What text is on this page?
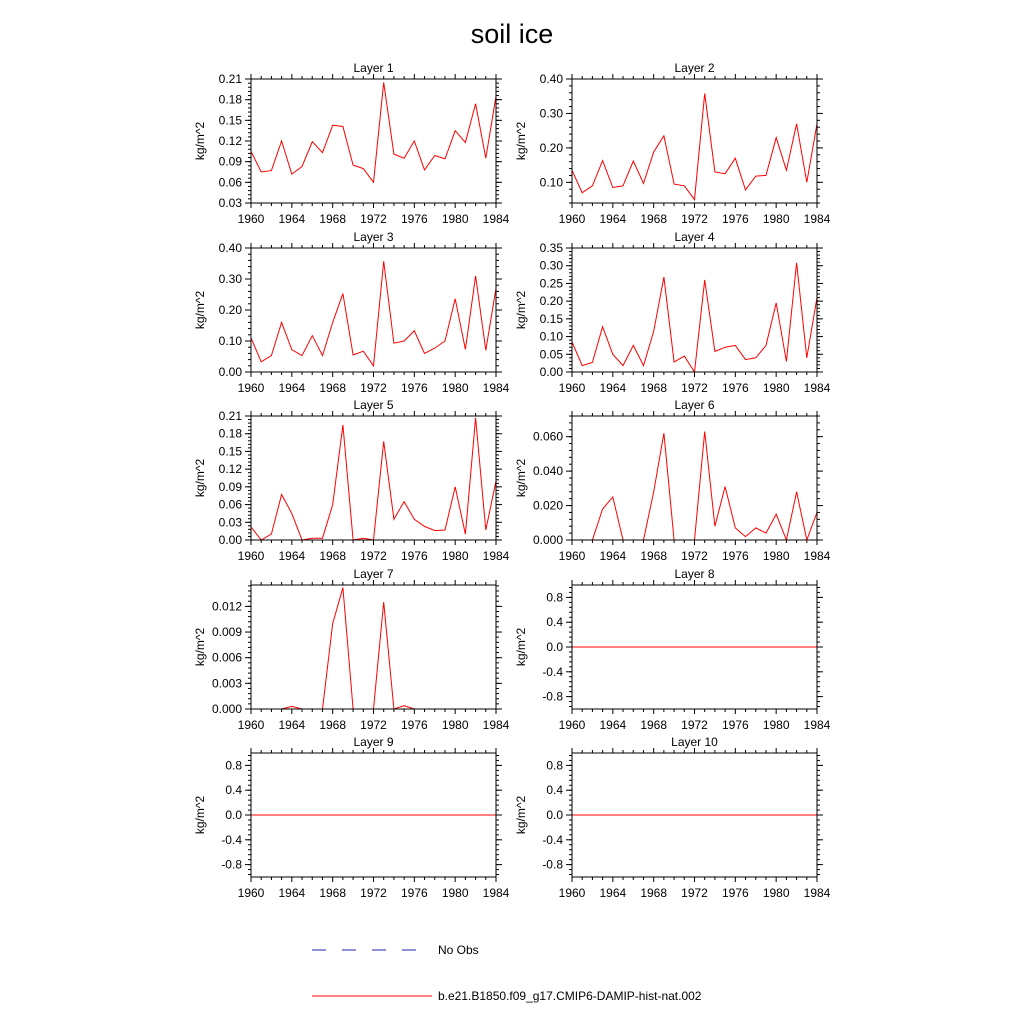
soil ice
Layer 1
kg/m^2
1960 1964 1968 1972 1976 1980 1984
0.03
0.06
0.09
0.12
0.15
0.18
0.21
Layer 2
kg/m^2
1960 1964 1968 1972 1976 1980 1984
0.10
0.20
0.30
0.40
Layer 3
kg/m^2
1960 1964 1968 1972 1976 1980 1984
0.00
0.10
0.20
0.30
0.40
Layer 4
kg/m^2
1960 1964 1968 1972 1976 1980 1984
0.00
0.05
0.10
0.15
0.20
0.25
0.30
0.35
Layer 5
kg/m^2
1960 1964 1968 1972 1976 1980 1984
0.00
0.03
0.06
0.09
0.12
0.15
0.18
0.21
Layer 6
kg/m^2
1960 1964 1968 1972 1976 1980 1984
0.000
0.020
0.040
0.060
Layer 7
kg/m^2
1960 1964 1968 1972 1976 1980 1984
0.000
0.003
0.006
0.009
0.012
Layer 8
kg/m^2
1960 1964 1968 1972 1976 1980 1984
-0.8
-0.4
0.0
0.4
0.8
Layer 9
kg/m^2
1960 1964 1968 1972 1976 1980 1984
-0.8
-0.4
0.0
0.4
0.8
Layer 10
kg/m^2
1960 1964 1968 1972 1976 1980 1984
-0.8
-0.4
0.0
0.4
0.8
No Obs
b.e21.B1850.f09_g17.CMIP6-DAMIP-hist-nat.002
